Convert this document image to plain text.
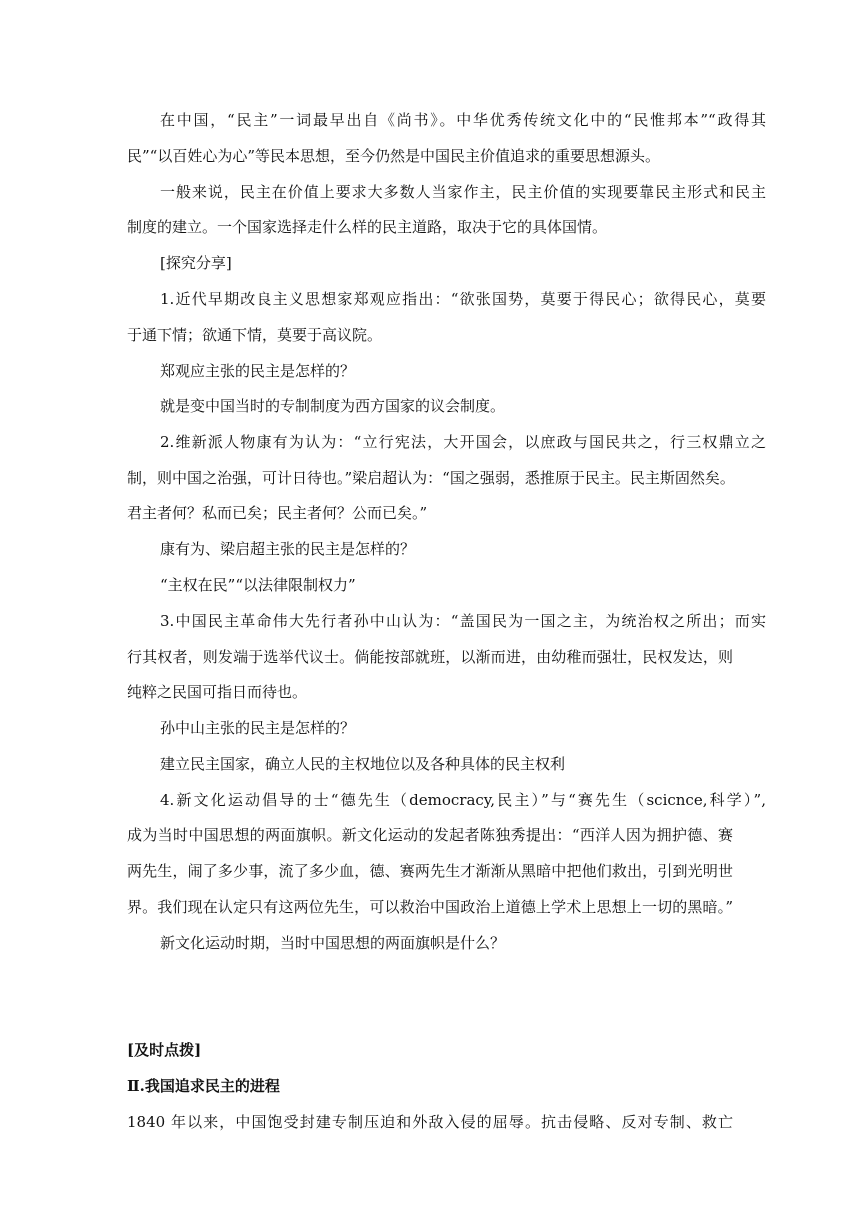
在中国，“民主”一词最早出自《尚书》。中华优秀传统文化中的“民惟邦本”“政得其

民”“以百姓心为心”等民本思想，至今仍然是中国民主价值追求的重要思想源头。

一般来说，民主在价值上要求大多数人当家作主，民主价值的实现要靠民主形式和民主

制度的建立。一个国家选择走什么样的民主道路，取决于它的具体国情。

[探究分享]

1.近代早期改良主义思想家郑观应指出：“欲张国势，莫要于得民心；欲得民心，莫要

于通下情；欲通下情，莫要于高议院。

郑观应主张的民主是怎样的？

就是变中国当时的专制制度为西方国家的议会制度。

2.维新派人物康有为认为：“立行宪法，大开国会，以庶政与国民共之，行三权鼎立之

制，则中国之治强，可计日待也。”梁启超认为：“国之强弱，悉推原于民主。民主斯固然矣。

君主者何？私而已矣；民主者何？公而已矣。”

康有为、梁启超主张的民主是怎样的？

“主权在民”“以法律限制权力”

3.中国民主革命伟大先行者孙中山认为：“盖国民为一国之主，为统治权之所出；而实

行其权者，则发端于选举代议士。倘能按部就班，以渐而进，由幼稚而强壮，民权发达，则

纯粹之民国可指日而待也。

孙中山主张的民主是怎样的？

建立民主国家，确立人民的主权地位以及各种具体的民主权利

4.新文化运动倡导的士“德先生（democracy,民主）”与“赛先生（scicnce,科学）”,

成为当时中国思想的两面旗帜。新文化运动的发起者陈独秀提出：“西洋人因为拥护德、赛

两先生，闹了多少事，流了多少血，德、赛两先生才渐渐从黑暗中把他们救出，引到光明世

界。我们现在认定只有这两位先生，可以救治中国政治上道德上学术上思想上一切的黑暗。”

新文化运动时期，当时中国思想的两面旗帜是什么？

[及时点拨]

Ⅱ.我国追求民主的进程

1840 年以来，中国饱受封建专制压迫和外敌入侵的屈辱。抗击侵略、反对专制、救亡
